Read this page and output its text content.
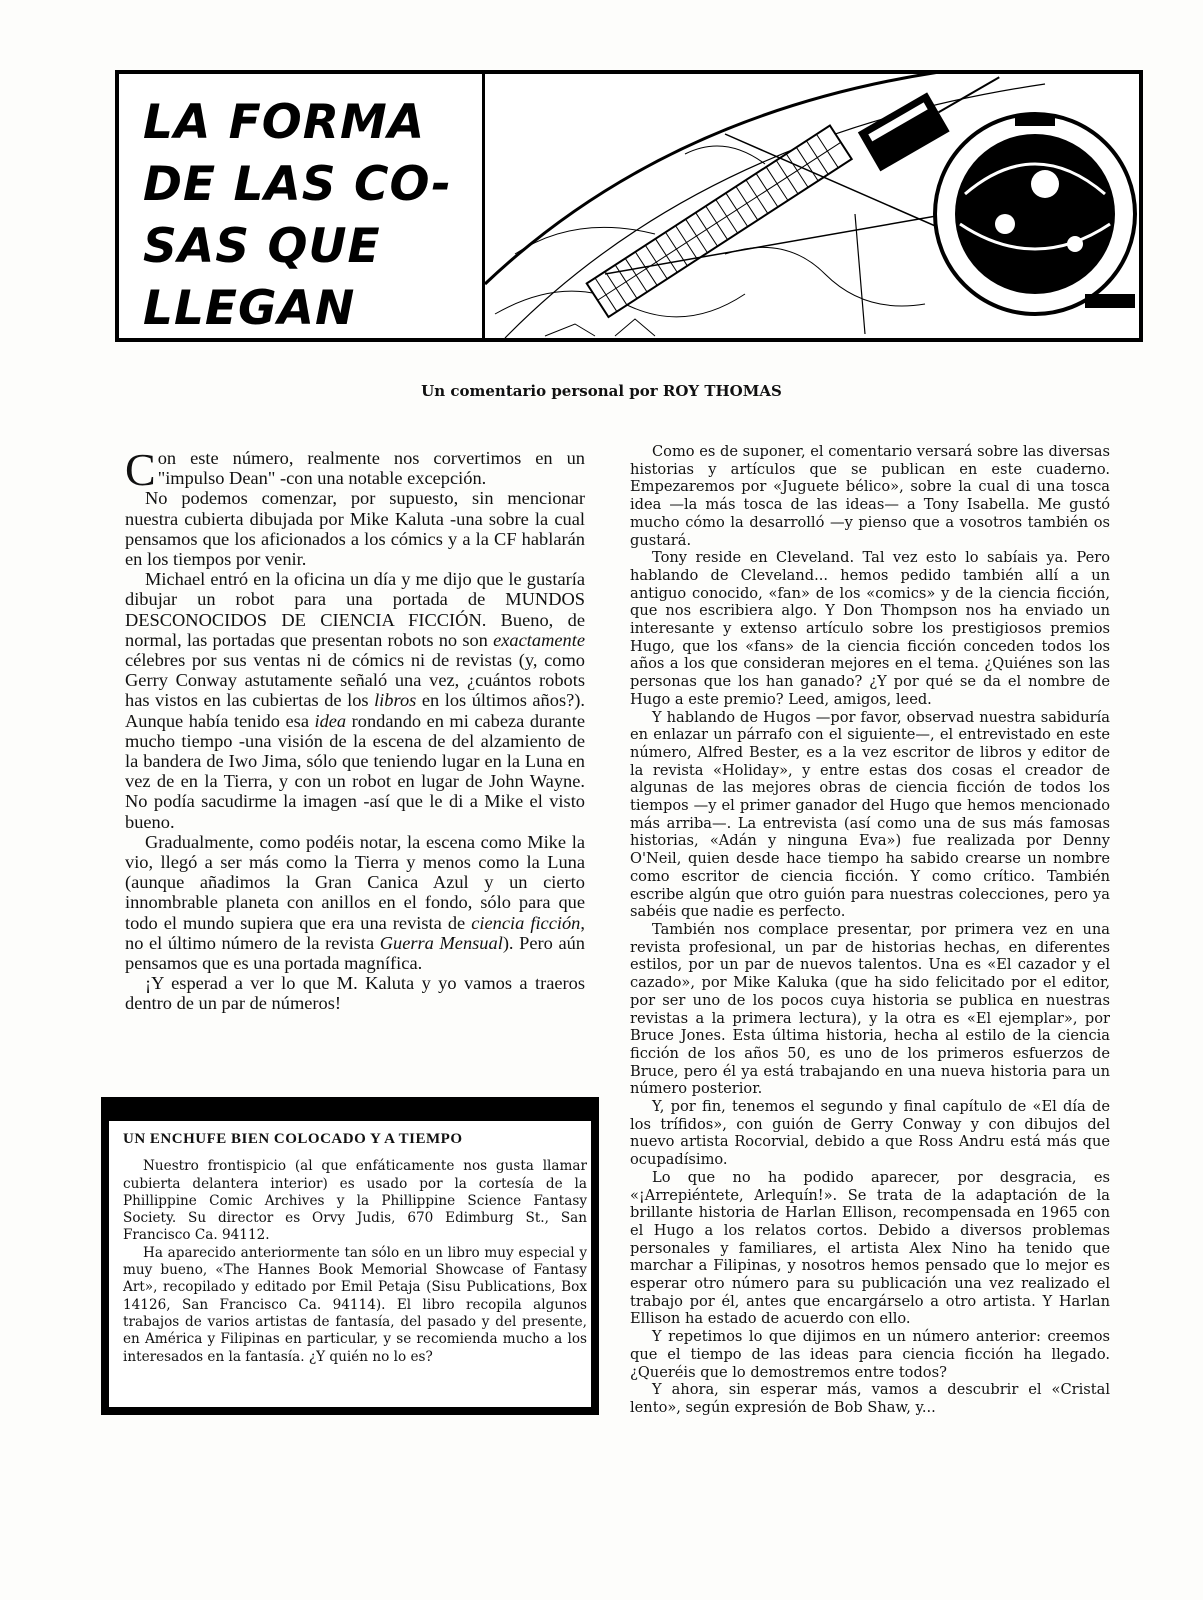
LA FORMA
DE LAS CO-
SAS QUE
LLEGAN
Un comentario personal por ROY THOMAS

Con este número, realmente nos corvertimos en un "impulso Dean" -con una notable excepción.

No podemos comenzar, por supuesto, sin mencionar nuestra cubierta dibujada por Mike Kaluta -una sobre la cual pensamos que los aficionados a los cómics y a la CF hablarán en los tiempos por venir.

Michael entró en la oficina un día y me dijo que le gustaría dibujar un robot para una portada de MUNDOS DESCONOCIDOS DE CIENCIA FICCIÓN. Bueno, de normal, las portadas que presentan robots no son exactamente célebres por sus ventas ni de cómics ni de revistas (y, como Gerry Conway astutamente señaló una vez, ¿cuántos robots has vistos en las cubiertas de los libros en los últimos años?). Aunque había tenido esa idea rondando en mi cabeza durante mucho tiempo -una visión de la escena de del alzamiento de la bandera de Iwo Jima, sólo que teniendo lugar en la Luna en vez de en la Tierra, y con un robot en lugar de John Wayne. No podía sacudirme la imagen -así que le di a Mike el visto bueno.

Gradualmente, como podéis notar, la escena como Mike la vio, llegó a ser más como la Tierra y menos como la Luna (aunque añadimos la Gran Canica Azul y un cierto innombrable planeta con anillos en el fondo, sólo para que todo el mundo supiera que era una revista de ciencia ficción, no el último número de la revista Guerra Mensual). Pero aún pensamos que es una portada magnífica.

¡Y esperad a ver lo que M. Kaluta y yo vamos a traeros dentro de un par de números!

Como es de suponer, el comentario versará sobre las diversas historias y artículos que se publican en este cuaderno. Empezaremos por «Juguete bélico», sobre la cual di una tosca idea —la más tosca de las ideas— a Tony Isabella. Me gustó mucho cómo la desarrolló —y pienso que a vosotros también os gustará.

Tony reside en Cleveland. Tal vez esto lo sabíais ya. Pero hablando de Cleveland... hemos pedido también allí a un antiguo conocido, «fan» de los «comics» y de la ciencia ficción, que nos escribiera algo. Y Don Thompson nos ha enviado un interesante y extenso artículo sobre los prestigiosos premios Hugo, que los «fans» de la ciencia ficción conceden todos los años a los que consideran mejores en el tema. ¿Quiénes son las personas que los han ganado? ¿Y por qué se da el nombre de Hugo a este premio? Leed, amigos, leed.

Y hablando de Hugos —por favor, observad nuestra sabiduría en enlazar un párrafo con el siguiente—, el entrevistado en este número, Alfred Bester, es a la vez escritor de libros y editor de la revista «Holiday», y entre estas dos cosas el creador de algunas de las mejores obras de ciencia ficción de todos los tiempos —y el primer ganador del Hugo que hemos mencionado más arriba—. La entrevista (así como una de sus más famosas historias, «Adán y ninguna Eva») fue realizada por Denny O'Neil, quien desde hace tiempo ha sabido crearse un nombre como escritor de ciencia ficción. Y como crítico. También escribe algún que otro guión para nuestras colecciones, pero ya sabéis que nadie es perfecto.

También nos complace presentar, por primera vez en una revista profesional, un par de historias hechas, en diferentes estilos, por un par de nuevos talentos. Una es «El cazador y el cazado», por Mike Kaluka (que ha sido felicitado por el editor, por ser uno de los pocos cuya historia se publica en nuestras revistas a la primera lectura), y la otra es «El ejemplar», por Bruce Jones. Esta última historia, hecha al estilo de la ciencia ficción de los años 50, es uno de los primeros esfuerzos de Bruce, pero él ya está trabajando en una nueva historia para un número posterior.

Y, por fin, tenemos el segundo y final capítulo de «El día de los trífidos», con guión de Gerry Conway y con dibujos del nuevo artista Rocorvial, debido a que Ross Andru está más que ocupadísimo.

Lo que no ha podido aparecer, por desgracia, es «¡Arrepiéntete, Arlequín!». Se trata de la adaptación de la brillante historia de Harlan Ellison, recompensada en 1965 con el Hugo a los relatos cortos. Debido a diversos problemas personales y familiares, el artista Alex Nino ha tenido que marchar a Filipinas, y nosotros hemos pensado que lo mejor es esperar otro número para su publicación una vez realizado el trabajo por él, antes que encargárselo a otro artista. Y Harlan Ellison ha estado de acuerdo con ello.

Y repetimos lo que dijimos en un número anterior: creemos que el tiempo de las ideas para ciencia ficción ha llegado. ¿Queréis que lo demostremos entre todos?

Y ahora, sin esperar más, vamos a descubrir el «Cristal lento», según expresión de Bob Shaw, y...

UN ENCHUFE BIEN COLOCADO Y A TIEMPO

Nuestro frontispicio (al que enfáticamente nos gusta llamar cubierta delantera interior) es usado por la cortesía de la Phillippine Comic Archives y la Phillippine Science Fantasy Society. Su director es Orvy Judis, 670 Edimburg St., San Francisco Ca. 94112.

Ha aparecido anteriormente tan sólo en un libro muy especial y muy bueno, «The Hannes Book Memorial Showcase of Fantasy Art», recopilado y editado por Emil Petaja (Sisu Publications, Box 14126, San Francisco Ca. 94114). El libro recopila algunos trabajos de varios artistas de fantasía, del pasado y del presente, en América y Filipinas en particular, y se recomienda mucho a los interesados en la fantasía. ¿Y quién no lo es?
